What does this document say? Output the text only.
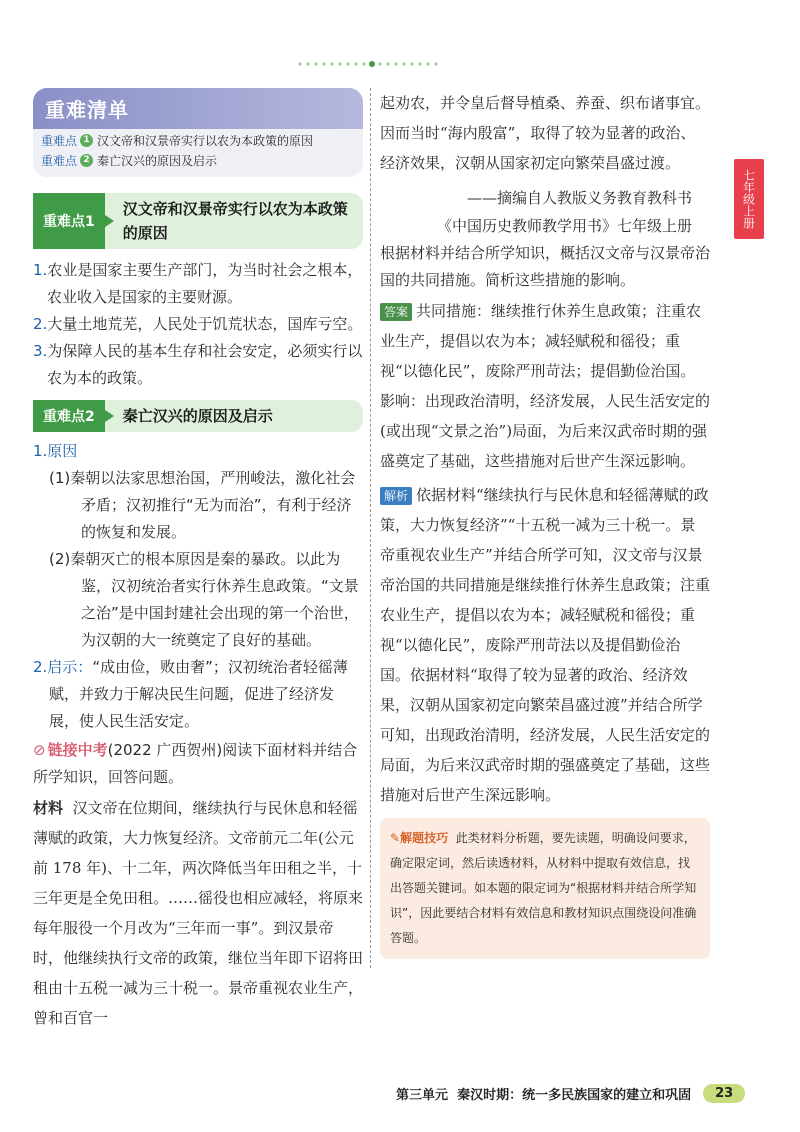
七年级上册
重难清单
重难点 1 汉文帝和汉景帝实行以农为本政策的原因
重难点 2 秦亡汉兴的原因及启示
重难点1
汉文帝和汉景帝实行以农为本政策的原因

1.农业是国家主要生产部门，为当时社会之根本，农业收入是国家的主要财源。

2.大量土地荒芜，人民处于饥荒状态，国库亏空。

3.为保障人民的基本生存和社会安定，必须实行以农为本的政策。

重难点2	秦亡汉兴的原因及启示

1.原因

(1)秦朝以法家思想治国，严刑峻法，激化社会矛盾；汉初推行“无为而治”，有利于经济的恢复和发展。

(2)秦朝灭亡的根本原因是秦的暴政。以此为鉴，汉初统治者实行休养生息政策。“文景之治”是中国封建社会出现的第一个治世，为汉朝的大一统奠定了良好的基础。

2.启示：“成由俭，败由奢”；汉初统治者轻徭薄赋，并致力于解决民生问题，促进了经济发展，使人民生活安定。

⊘ 链接中考(2022 广西贺州)阅读下面材料并结合所学知识，回答问题。

材料 汉文帝在位期间，继续执行与民休息和轻徭薄赋的政策，大力恢复经济。文帝前元二年(公元前 178 年)、十二年，两次降低当年田租之半，十三年更是全免田租。……徭役也相应减轻，将原来每年服役一个月改为“三年而一事”。到汉景帝时，他继续执行文帝的政策，继位当年即下诏将田租由十五税一减为三十税一。景帝重视农业生产，曾和百官一

起劝农，并令皇后督导植桑、养蚕、织布诸事宜。因而当时“海内殷富”，取得了较为显著的政治、经济效果，汉朝从国家初定向繁荣昌盛过渡。

——摘编自人教版义务教育教科书
《中国历史教师教学用书》七年级上册

根据材料并结合所学知识，概括汉文帝与汉景帝治国的共同措施。简析这些措施的影响。

答案 共同措施：继续推行休养生息政策；注重农业生产，提倡以农为本；减轻赋税和徭役；重视“以德化民”，废除严刑苛法；提倡勤俭治国。影响：出现政治清明，经济发展，人民生活安定的(或出现“文景之治”)局面，为后来汉武帝时期的强盛奠定了基础，这些措施对后世产生深远影响。

解析 依据材料“继续执行与民休息和轻徭薄赋的政策，大力恢复经济”“十五税一减为三十税一。景帝重视农业生产”并结合所学可知，汉文帝与汉景帝治国的共同措施是继续推行休养生息政策；注重农业生产，提倡以农为本；减轻赋税和徭役；重视“以德化民”，废除严刑苛法以及提倡勤俭治国。依据材料“取得了较为显著的政治、经济效果，汉朝从国家初定向繁荣昌盛过渡”并结合所学可知，出现政治清明，经济发展，人民生活安定的局面，为后来汉武帝时期的强盛奠定了基础，这些措施对后世产生深远影响。

✎解题技巧 此类材料分析题，要先读题，明确设问要求，确定限定词，然后读透材料，从材料中提取有效信息，找出答题关键词。如本题的限定词为“根据材料并结合所学知识”，因此要结合材料有效信息和教材知识点围绕设问准确答题。
第三单元
秦汉时期：统一多民族国家的建立和巩固	23
